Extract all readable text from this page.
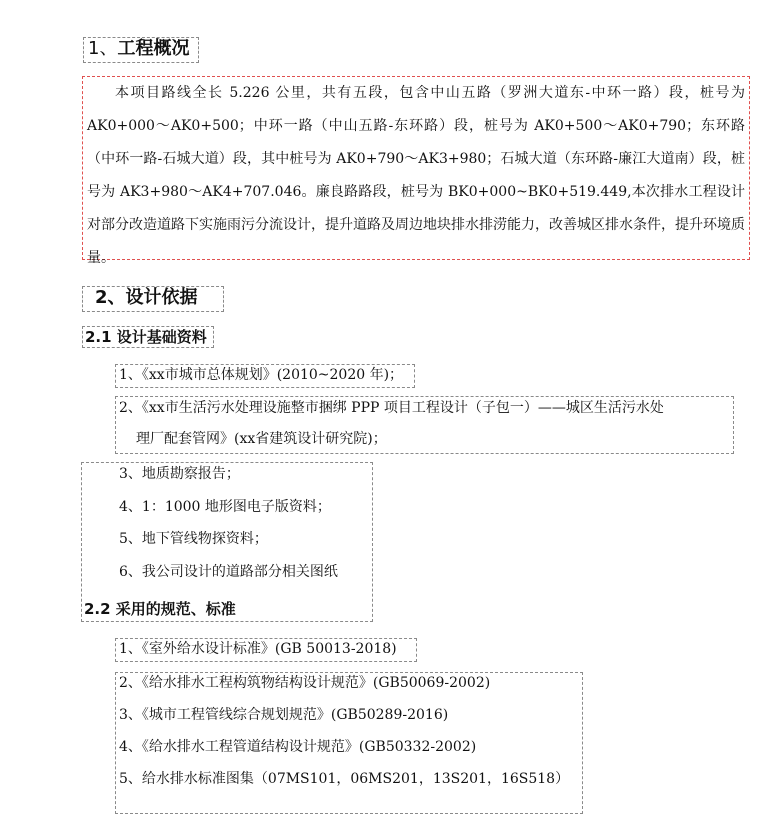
1、工程概况
本项目路线全长 5.226 公里，共有五段，包含中山五路（罗洲大道东-中环一路）段，桩号为 AK0+000～AK0+500；中环一路（中山五路-东环路）段，桩号为 AK0+500～AK0+790；东环路（中环一路-石城大道）段，其中桩号为 AK0+790～AK3+980；石城大道（东环路-廉江大道南）段，桩号为 AK3+980～AK4+707.046。廉良路路段，桩号为 BK0+000~BK0+519.449,本次排水工程设计对部分改造道路下实施雨污分流设计，提升道路及周边地块排水排涝能力，改善城区排水条件，提升环境质量。
2、设计依据
2.1 设计基础资料
1、《xx市城市总体规划》(2010~2020 年)；
2、《xx市生活污水处理设施整市捆绑 PPP 项目工程设计（子包一）——城区生活污水处
理厂配套管网》(xx省建筑设计研究院)；
3、地质勘察报告；
4、1：1000 地形图电子版资料；
5、地下管线物探资料；
6、我公司设计的道路部分相关图纸
2.2 采用的规范、标准
1、《室外给水设计标准》(GB 50013-2018)
2、《给水排水工程构筑物结构设计规范》(GB50069-2002)
3、《城市工程管线综合规划规范》(GB50289-2016)
4、《给水排水工程管道结构设计规范》(GB50332-2002)
5、给水排水标准图集（07MS101，06MS201，13S201，16S518）
